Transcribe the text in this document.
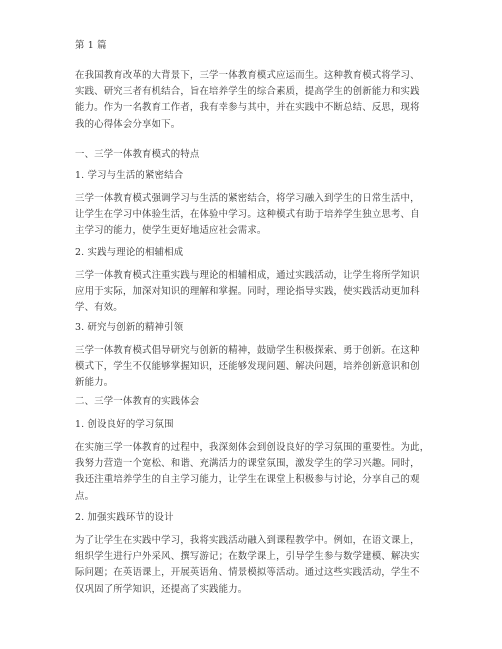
第 1 篇
在我国教育改革的大背景下，三学一体教育模式应运而生。这种教育模式将学习、
实践、研究三者有机结合，旨在培养学生的综合素质，提高学生的创新能力和实践
能力。作为一名教育工作者，我有幸参与其中，并在实践中不断总结、反思，现将
我的心得体会分享如下。
一、三学一体教育模式的特点
1. 学习与生活的紧密结合
三学一体教育模式强调学习与生活的紧密结合，将学习融入到学生的日常生活中，
让学生在学习中体验生活，在体验中学习。这种模式有助于培养学生独立思考、自
主学习的能力，使学生更好地适应社会需求。
2. 实践与理论的相辅相成
三学一体教育模式注重实践与理论的相辅相成，通过实践活动，让学生将所学知识
应用于实际，加深对知识的理解和掌握。同时，理论指导实践，使实践活动更加科
学、有效。
3. 研究与创新的精神引领
三学一体教育模式倡导研究与创新的精神，鼓励学生积极探索、勇于创新。在这种
模式下，学生不仅能够掌握知识，还能够发现问题、解决问题，培养创新意识和创
新能力。
二、三学一体教育的实践体会
1. 创设良好的学习氛围
在实施三学一体教育的过程中，我深刻体会到创设良好的学习氛围的重要性。为此，
我努力营造一个宽松、和谐、充满活力的课堂氛围，激发学生的学习兴趣。同时，
我还注重培养学生的自主学习能力，让学生在课堂上积极参与讨论，分享自己的观
点。
2. 加强实践环节的设计
为了让学生在实践中学习，我将实践活动融入到课程教学中。例如，在语文课上，
组织学生进行户外采风、撰写游记；在数学课上，引导学生参与数学建模、解决实
际问题；在英语课上，开展英语角、情景模拟等活动。通过这些实践活动，学生不
仅巩固了所学知识，还提高了实践能力。
